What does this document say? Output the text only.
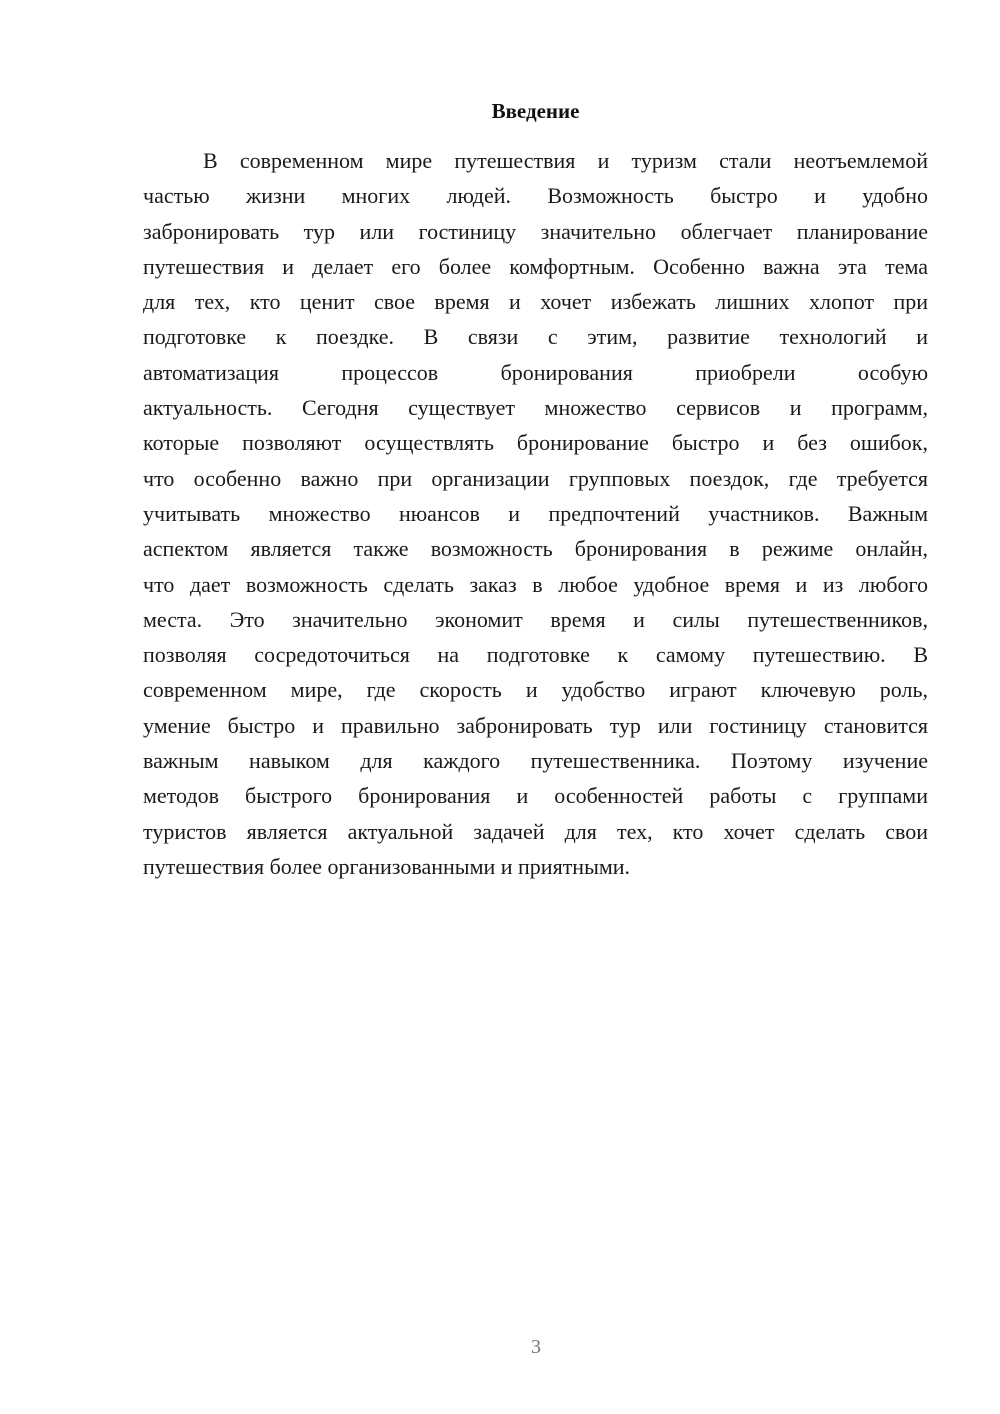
Введение
В современном мире путешествия и туризм стали неотъемлемой
частью жизни многих людей. Возможность быстро и удобно
забронировать тур или гостиницу значительно облегчает планирование
путешествия и делает его более комфортным. Особенно важна эта тема
для тех, кто ценит свое время и хочет избежать лишних хлопот при
подготовке к поездке. В связи с этим, развитие технологий и
автоматизация процессов бронирования приобрели особую
актуальность. Сегодня существует множество сервисов и программ,
которые позволяют осуществлять бронирование быстро и без ошибок,
что особенно важно при организации групповых поездок, где требуется
учитывать множество нюансов и предпочтений участников. Важным
аспектом является также возможность бронирования в режиме онлайн,
что дает возможность сделать заказ в любое удобное время и из любого
места. Это значительно экономит время и силы путешественников,
позволяя сосредоточиться на подготовке к самому путешествию. В
современном мире, где скорость и удобство играют ключевую роль,
умение быстро и правильно забронировать тур или гостиницу становится
важным навыком для каждого путешественника. Поэтому изучение
методов быстрого бронирования и особенностей работы с группами
туристов является актуальной задачей для тех, кто хочет сделать свои
путешествия более организованными и приятными.
3
